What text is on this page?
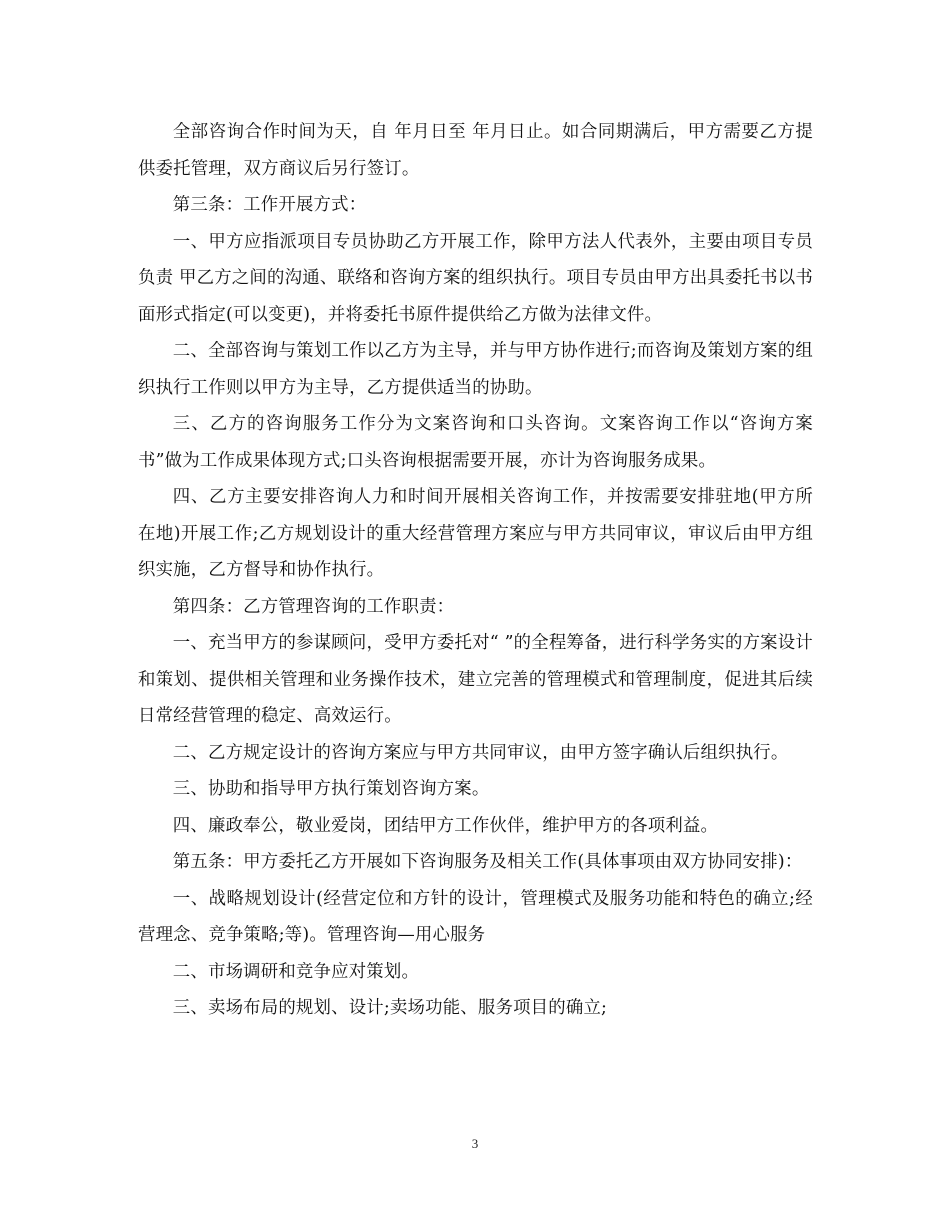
全部咨询合作时间为天，自 年月日至 年月日止。如合同期满后，甲方需要乙方提供委托管理，双方商议后另行签订。

第三条：工作开展方式：

一、甲方应指派项目专员协助乙方开展工作，除甲方法人代表外，主要由项目专员负责 甲乙方之间的沟通、联络和咨询方案的组织执行。项目专员由甲方出具委托书以书面形式指定(可以变更)，并将委托书原件提供给乙方做为法律文件。

二、全部咨询与策划工作以乙方为主导，并与甲方协作进行;而咨询及策划方案的组织执行工作则以甲方为主导，乙方提供适当的协助。

三、乙方的咨询服务工作分为文案咨询和口头咨询。文案咨询工作以“咨询方案书”做为工作成果体现方式;口头咨询根据需要开展，亦计为咨询服务成果。

四、乙方主要安排咨询人力和时间开展相关咨询工作，并按需要安排驻地(甲方所在地)开展工作;乙方规划设计的重大经营管理方案应与甲方共同审议，审议后由甲方组织实施，乙方督导和协作执行。

第四条：乙方管理咨询的工作职责：

一、充当甲方的参谋顾问，受甲方委托对“ ”的全程筹备，进行科学务实的方案设计和策划、提供相关管理和业务操作技术，建立完善的管理模式和管理制度，促进其后续日常经营管理的稳定、高效运行。

二、乙方规定设计的咨询方案应与甲方共同审议，由甲方签字确认后组织执行。

三、协助和指导甲方执行策划咨询方案。

四、廉政奉公，敬业爱岗，团结甲方工作伙伴，维护甲方的各项利益。

第五条：甲方委托乙方开展如下咨询服务及相关工作(具体事项由双方协同安排)：

一、战略规划设计(经营定位和方针的设计，管理模式及服务功能和特色的确立;经 营理念、竞争策略;等)。管理咨询—用心服务

二、市场调研和竞争应对策划。

三、卖场布局的规划、设计;卖场功能、服务项目的确立;

3
